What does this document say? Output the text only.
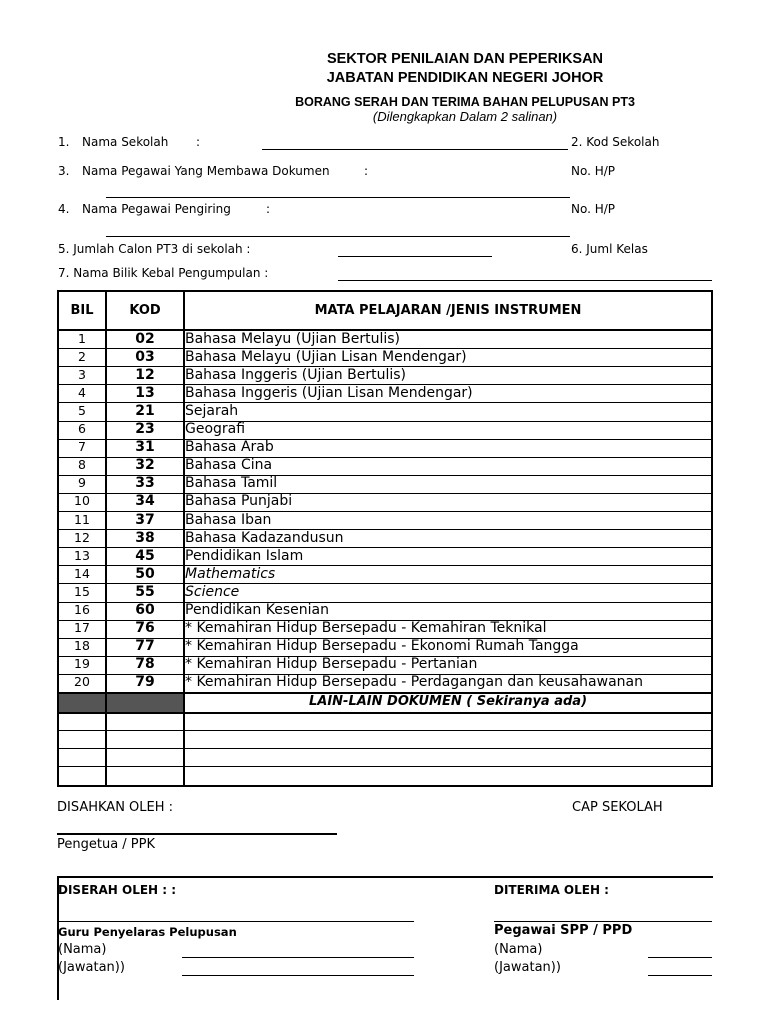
SEKTOR PENILAIAN DAN PEPERIKSAN
JABATAN PENDIDIKAN NEGERI JOHOR
BORANG SERAH DAN TERIMA BAHAN PELUPUSAN PT3
(Dilengkapkan Dalam 2 salinan)
1. Nama Sekolah :	2. Kod Sekolah
3. Nama Pegawai Yang Membawa Dokumen	:	No. H/P
4. Nama Pegawai Pengiring	:	No. H/P
5. Jumlah Calon PT3 di sekolah :	6. Juml Kelas
7. Nama Bilik Kebal Pengumpulan :
BIL	KOD	MATA PELAJARAN /JENIS INSTRUMEN
1	02	Bahasa Melayu (Ujian Bertulis)
2	03	Bahasa Melayu (Ujian Lisan Mendengar)
3	12	Bahasa Inggeris (Ujian Bertulis)
4	13	Bahasa Inggeris (Ujian Lisan Mendengar)
5	21	Sejarah
6	23	Geografi
7	31	Bahasa Arab
8	32	Bahasa Cina
9	33	Bahasa Tamil
10	34	Bahasa Punjabi
11	37	Bahasa Iban
12	38	Bahasa Kadazandusun
13	45	Pendidikan Islam
14	50	Mathematics
15	55	Science
16	60	Pendidikan Kesenian
17	76	* Kemahiran Hidup Bersepadu - Kemahiran Teknikal
18	77	* Kemahiran Hidup Bersepadu - Ekonomi Rumah Tangga
19	78	* Kemahiran Hidup Bersepadu - Pertanian
20	79	* Kemahiran Hidup Bersepadu - Perdagangan dan keusahawanan
LAIN-LAIN DOKUMEN ( Sekiranya ada)
DISAHKAN OLEH :	CAP SEKOLAH
Pengetua / PPK
DISERAH OLEH : :	DITERIMA OLEH :
Guru Penyelaras Pelupusan	Pegawai SPP / PPD
(Nama)	(Nama)
(Jawatan))	(Jawatan))
